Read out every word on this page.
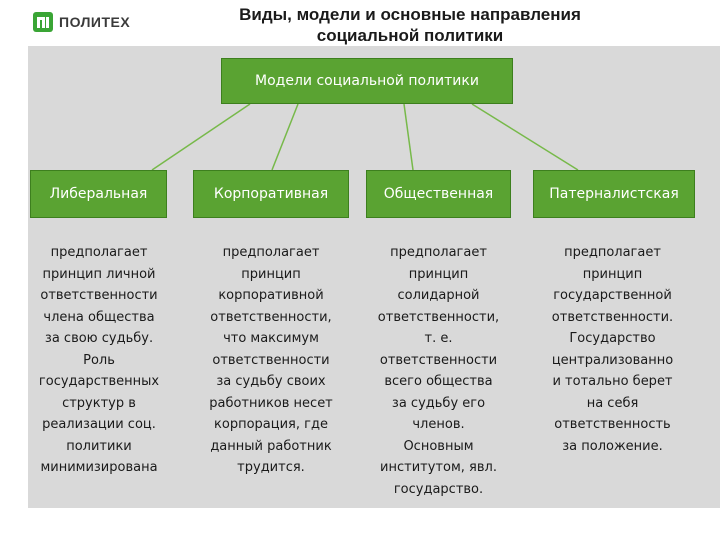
ПОЛИТЕХ	Виды, модели и основные направления
социальной политики
Модели социальной политики
Либеральная	Корпоративная	Общественная	Патерналистская
предполагает
принцип личной
ответственности
члена общества
за свою судьбу.
Роль
государственных
структур в
реализации соц.
политики
минимизирована
предполагает
принцип
корпоративной
ответственности,
что максимум
ответственности
за судьбу своих
работников несет
корпорация, где
данный работник
трудится.
предполагает
принцип
солидарной
ответственности,
т. е.
ответственности
всего общества
за судьбу его
членов.
Основным
институтом, явл.
государство.
предполагает
принцип
государственной
ответственности.
Государство
централизованно
и тотально берет
на себя
ответственность
за положение.
